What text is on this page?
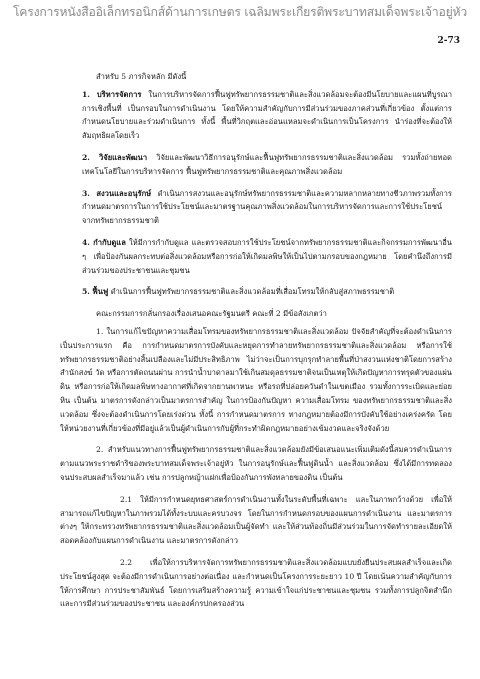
โครงการหนังสืออิเล็กทรอนิกส์ด้านการเกษตร เฉลิมพระเกียรติพระบาทสมเด็จพระเจ้าอยู่หัว
2-73

สำหรับ 5 ภารกิจหลัก มีดังนี้

1. บริหารจัดการ ในการบริหารจัดการฟื้นฟูทรัพยากรธรรมชาติและสิ่งแวดล้อมจะต้องมีนโยบายและแผนที่บูรณาการเชิงพื้นที่ เป็นกรอบในการดำเนินงาน โดยให้ความสำคัญกับการมีส่วนร่วมของภาคส่วนที่เกี่ยวข้อง ตั้งแต่การกำหนดนโยบายและร่วมดำเนินการ ทั้งนี้ พื้นที่วิกฤตและอ่อนแหลมจะดำเนินการเป็นโครงการ นำร่องที่จะต้องให้สัมฤทธิผลโดยเร็ว

2. วิจัยและพัฒนา วิจัยและพัฒนาวิธีการอนุรักษ์และฟื้นฟูทรัพยากรธรรมชาติและสิ่งแวดล้อม รวมทั้งถ่ายทอดเทคโนโลยีในการบริหารจัดการ ฟื้นฟูทรัพยากรธรรมชาติและคุณภาพสิ่งแวดล้อม

3. สงวนและอนุรักษ์ ดำเนินการสงวนและอนุรักษ์ทรัพยากรธรรมชาติและความหลากหลายทางชีวภาพรวมทั้งการกำหนดมาตรการในการใช้ประโยชน์และมาตรฐานคุณภาพสิ่งแวดล้อมในการบริหารจัดการและการใช้ประโยชน์จากทรัพยากรธรรมชาติ

4. กำกับดูแล ให้มีการกำกับดูแล และตรวจสอบการใช้ประโยชน์จากทรัพยากรธรรมชาติและกิจกรรมการพัฒนาอื่น ๆ เพื่อป้องกันผลกระทบต่อสิ่งแวดล้อมหรือการก่อให้เกิดมลพิษให้เป็นไปตามกรอบของกฎหมาย โดยคำนึงถึงการมีส่วนร่วมของประชาชนและชุมชน

5. ฟื้นฟู ดำเนินการฟื้นฟูทรัพยากรธรรมชาติและสิ่งแวดล้อมที่เสื่อมโทรมให้กลับสู่สภาพธรรมชาติ

คณะกรรมการกลั่นกรองเรื่องเสนอคณะรัฐมนตรี คณะที่ 2 มีข้อสังเกตว่า

1. ในการแก้ไขปัญหาความเสื่อมโทรมของทรัพยากรธรรมชาติและสิ่งแวดล้อม ปัจจัยสำคัญที่จะต้องดำเนินการเป็นประการแรก คือ การกำหนดมาตรการบังคับและหยุดการทำลายทรัพยากรธรรมชาติและสิ่งแวดล้อม หรือการใช้ทรัพยากรธรรมชาติอย่างสิ้นเปลืองและไม่มีประสิทธิภาพ ไม่ว่าจะเป็นการบุกรุกทำลายพื้นที่ป่าสงวนแห่งชาติโดยการสร้างสำนักสงฆ์ วัด หรือการตัดถนนผ่าน การนำน้ำบาดาลมาใช้เกินสมดุลธรรมชาติจนเป็นเหตุให้เกิดปัญหาการทรุดตัวของแผ่นดิน หรือการก่อให้เกิดมลพิษทางอากาศที่เกิดจากยานพาหนะ หรือรถที่ปล่อยควันดำในเขตเมือง รวมทั้งการระเบิดและย่อยหิน เป็นต้น มาตรการดังกล่าวเป็นมาตรการสำคัญ ในการป้องกันปัญหา ความเสื่อมโทรม ของทรัพยากรธรรมชาติและสิ่งแวดล้อม ซึ่งจะต้องดำเนินการโดยเร่งด่วน ทั้งนี้ การกำหนดมาตรการ ทางกฎหมายต้องมีการบังคับใช้อย่างเคร่งครัด โดยให้หน่วยงานที่เกี่ยวข้องที่มีอยู่แล้วเป็นผู้ดำเนินการกับผู้ที่กระทำผิดกฎหมายอย่างเข้มงวดและจริงจังด้วย

2. สำหรับแนวทางการฟื้นฟูทรัพยากรธรรมชาติและสิ่งแวดล้อมยังมีข้อเสนอแนะเพิ่มเติมดังนี้สมควรดำเนินการตามแนวพระราชดำริของพระบาทสมเด็จพระเจ้าอยู่หัว ในการอนุรักษ์และฟื้นฟูดินน้ำ และสิ่งแวดล้อม ซึ่งได้มีการทดลองจนประสบผลสำเร็จมาแล้ว เช่น การปลูกหญ้าแฝกเพื่อป้องกันการพังทลายของดิน เป็นต้น

2.1 ให้มีการกำหนดยุทธศาสตร์การดำเนินงานทั้งในระดับพื้นที่เฉพาะ และในภาพกว้างด้วย เพื่อให้สามารถแก้ไขปัญหาในภาพรวมได้ทั้งระบบและครบวงจร โดยในการกำหนดกรอบของแผนการดำเนินงาน และมาตรการต่างๆ ให้กระทรวงทรัพยากรธรรมชาติและสิ่งแวดล้อมเป็นผู้จัดทำ และให้ส่วนท้องถิ่นมีส่วนร่วมในการจัดทำรายละเอียดให้สอดคล้องกับแผนการดำเนินงาน และมาตรการดังกล่าว

2.2 เพื่อให้การบริหารจัดการทรัพยากรธรรมชาติและสิ่งแวดล้อมแบบยั่งยืนประสบผลสำเร็จและเกิดประโยชน์สูงสุด จะต้องมีการดำเนินการอย่างต่อเนื่อง และกำหนดเป็นโครงการระยะยาว 10 ปี โดยเน้นความสำคัญกับการให้การศึกษา การประชาสัมพันธ์ โดยการเสริมสร้างความรู้ ความเข้าใจแก่ประชาชนและชุมชน รวมทั้งการปลูกจิตสำนึกและการมีส่วนร่วมของประชาชน และองค์กรปกครองส่วน
